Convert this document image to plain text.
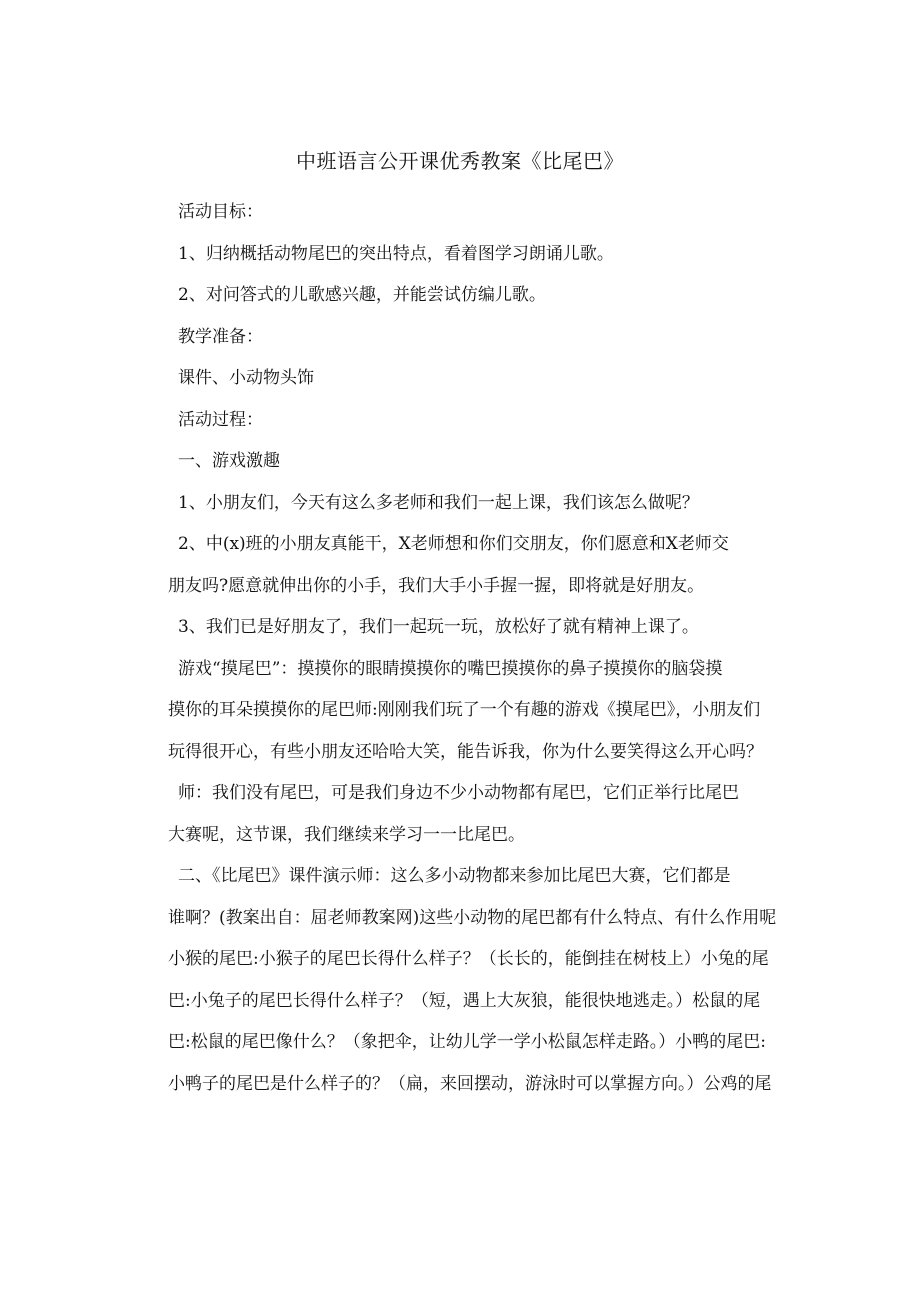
中班语言公开课优秀教案《比尾巴》

活动目标：

1、归纳概括动物尾巴的突出特点，看着图学习朗诵儿歌。

2、对问答式的儿歌感兴趣，并能尝试仿编儿歌。

教学准备：

课件、小动物头饰

活动过程：

一、游戏激趣

1、小朋友们，今天有这么多老师和我们一起上课，我们该怎么做呢？

2、中(x)班的小朋友真能干，X老师想和你们交朋友，你们愿意和X老师交
朋友吗?愿意就伸出你的小手，我们大手小手握一握，即将就是好朋友。

3、我们已是好朋友了，我们一起玩一玩，放松好了就有精神上课了。

游戏“摸尾巴”：摸摸你的眼睛摸摸你的嘴巴摸摸你的鼻子摸摸你的脑袋摸
摸你的耳朵摸摸你的尾巴师:刚刚我们玩了一个有趣的游戏《摸尾巴》，小朋友们
玩得很开心，有些小朋友还哈哈大笑，能告诉我，你为什么要笑得这么开心吗？
师：我们没有尾巴，可是我们身边不少小动物都有尾巴，它们正举行比尾巴
大赛呢，这节课，我们继续来学习一一比尾巴。
二、《比尾巴》课件演示师：这么多小动物都来参加比尾巴大赛，它们都是
谁啊？(教案出自：屈老师教案网)这些小动物的尾巴都有什么特点、有什么作用呢
小猴的尾巴:小猴子的尾巴长得什么样子？（长长的，能倒挂在树枝上）小兔的尾
巴:小兔子的尾巴长得什么样子？（短，遇上大灰狼，能很快地逃走。）松鼠的尾
巴:松鼠的尾巴像什么？（象把伞，让幼儿学一学小松鼠怎样走路。）小鸭的尾巴:
小鸭子的尾巴是什么样子的？（扁，来回摆动，游泳时可以掌握方向。）公鸡的尾
